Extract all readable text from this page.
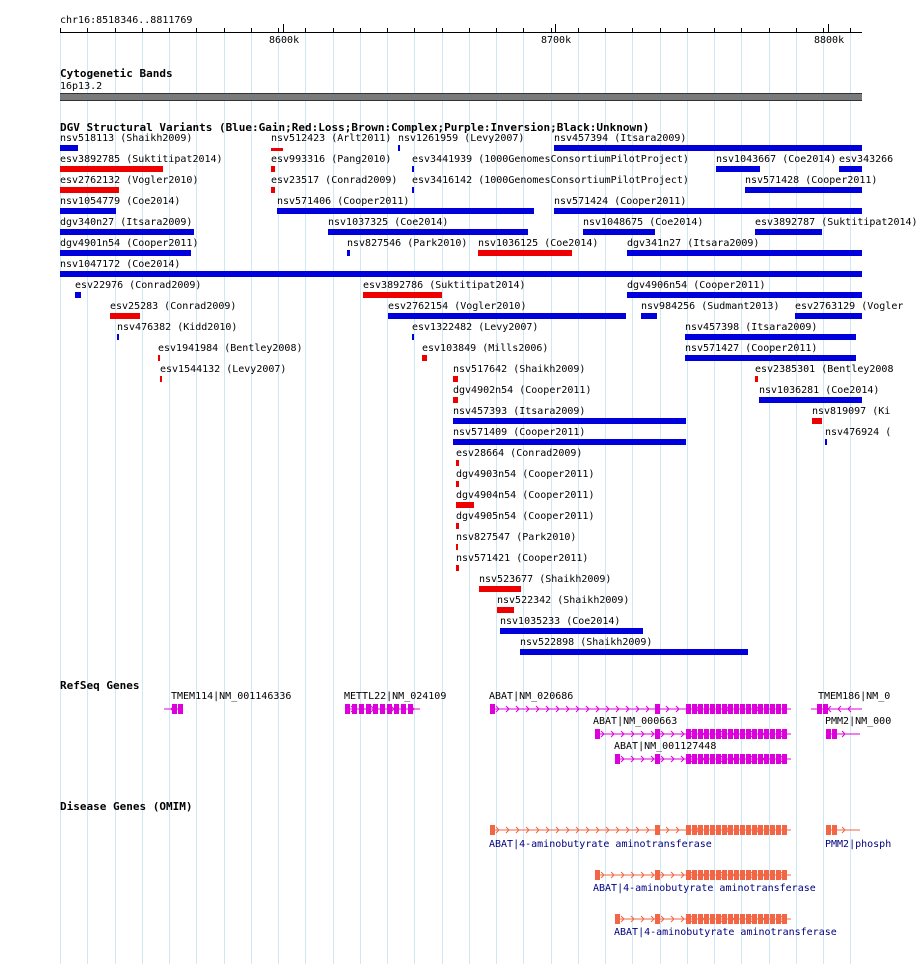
chr16:8518346..8811769
8600k	8700k	8800k
Cytogenetic Bands
16p13.2
DGV Structural Variants (Blue:Gain;Red:Loss;Brown:Complex;Purple:Inversion;Black:Unknown)
nsv518113 (Shaikh2009)	nsv512423 (Arlt2011) nsv1261959 (Levy2007)	nsv457394 (Itsara2009)
esv3892785 (Suktitipat2014)	esv993316 (Pang2010) esv3441939 (1000GenomesConsortiumPilotProject)	nsv1043667 (Coe2014) esv343266
esv2762132 (Vogler2010)	esv23517 (Conrad2009) esv3416142 (1000GenomesConsortiumPilotProject)	nsv571428 (Cooper2011)
nsv1054779 (Coe2014)	nsv571406 (Cooper2011)	nsv571424 (Cooper2011)
dgv340n27 (Itsara2009)	nsv1037325 (Coe2014)	nsv1048675 (Coe2014)	esv3892787 (Suktitipat2014)
dgv4901n54 (Cooper2011)	nsv827546 (Park2010) nsv1036125 (Coe2014)	dgv341n27 (Itsara2009)
nsv1047172 (Coe2014)
esv22976 (Conrad2009)	esv3892786 (Suktitipat2014)	dgv4906n54 (Cooper2011)
esv25283 (Conrad2009)	esv2762154 (Vogler2010)	nsv984256 (Sudmant2013) esv2763129 (Vogler
nsv476382 (Kidd2010)	esv1322482 (Levy2007)	nsv457398 (Itsara2009)
esv1941984 (Bentley2008)	esv103849 (Mills2006)	nsv571427 (Cooper2011)
esv1544132 (Levy2007)	nsv517642 (Shaikh2009)	esv2385301 (Bentley2008
dgv4902n54 (Cooper2011)	nsv1036281 (Coe2014)
nsv457393 (Itsara2009)	nsv819097 (Ki
nsv571409 (Cooper2011)	nsv476924 (
esv28664 (Conrad2009)
dgv4903n54 (Cooper2011)
dgv4904n54 (Cooper2011)
dgv4905n54 (Cooper2011)
nsv827547 (Park2010)
nsv571421 (Cooper2011)
nsv523677 (Shaikh2009)
nsv522342 (Shaikh2009)
nsv1035233 (Coe2014)
nsv522898 (Shaikh2009)
RefSeq Genes
TMEM114|NM_001146336	METTL22|NM_024109	ABAT|NM_020686	TMEM186|NM_0
ABAT|NM_000663	PMM2|NM_000
ABAT|NM_001127448
Disease Genes (OMIM)
ABAT|4-aminobutyrate aminotransferase	PMM2|phosph
ABAT|4-aminobutyrate aminotransferase
ABAT|4-aminobutyrate aminotransferase
